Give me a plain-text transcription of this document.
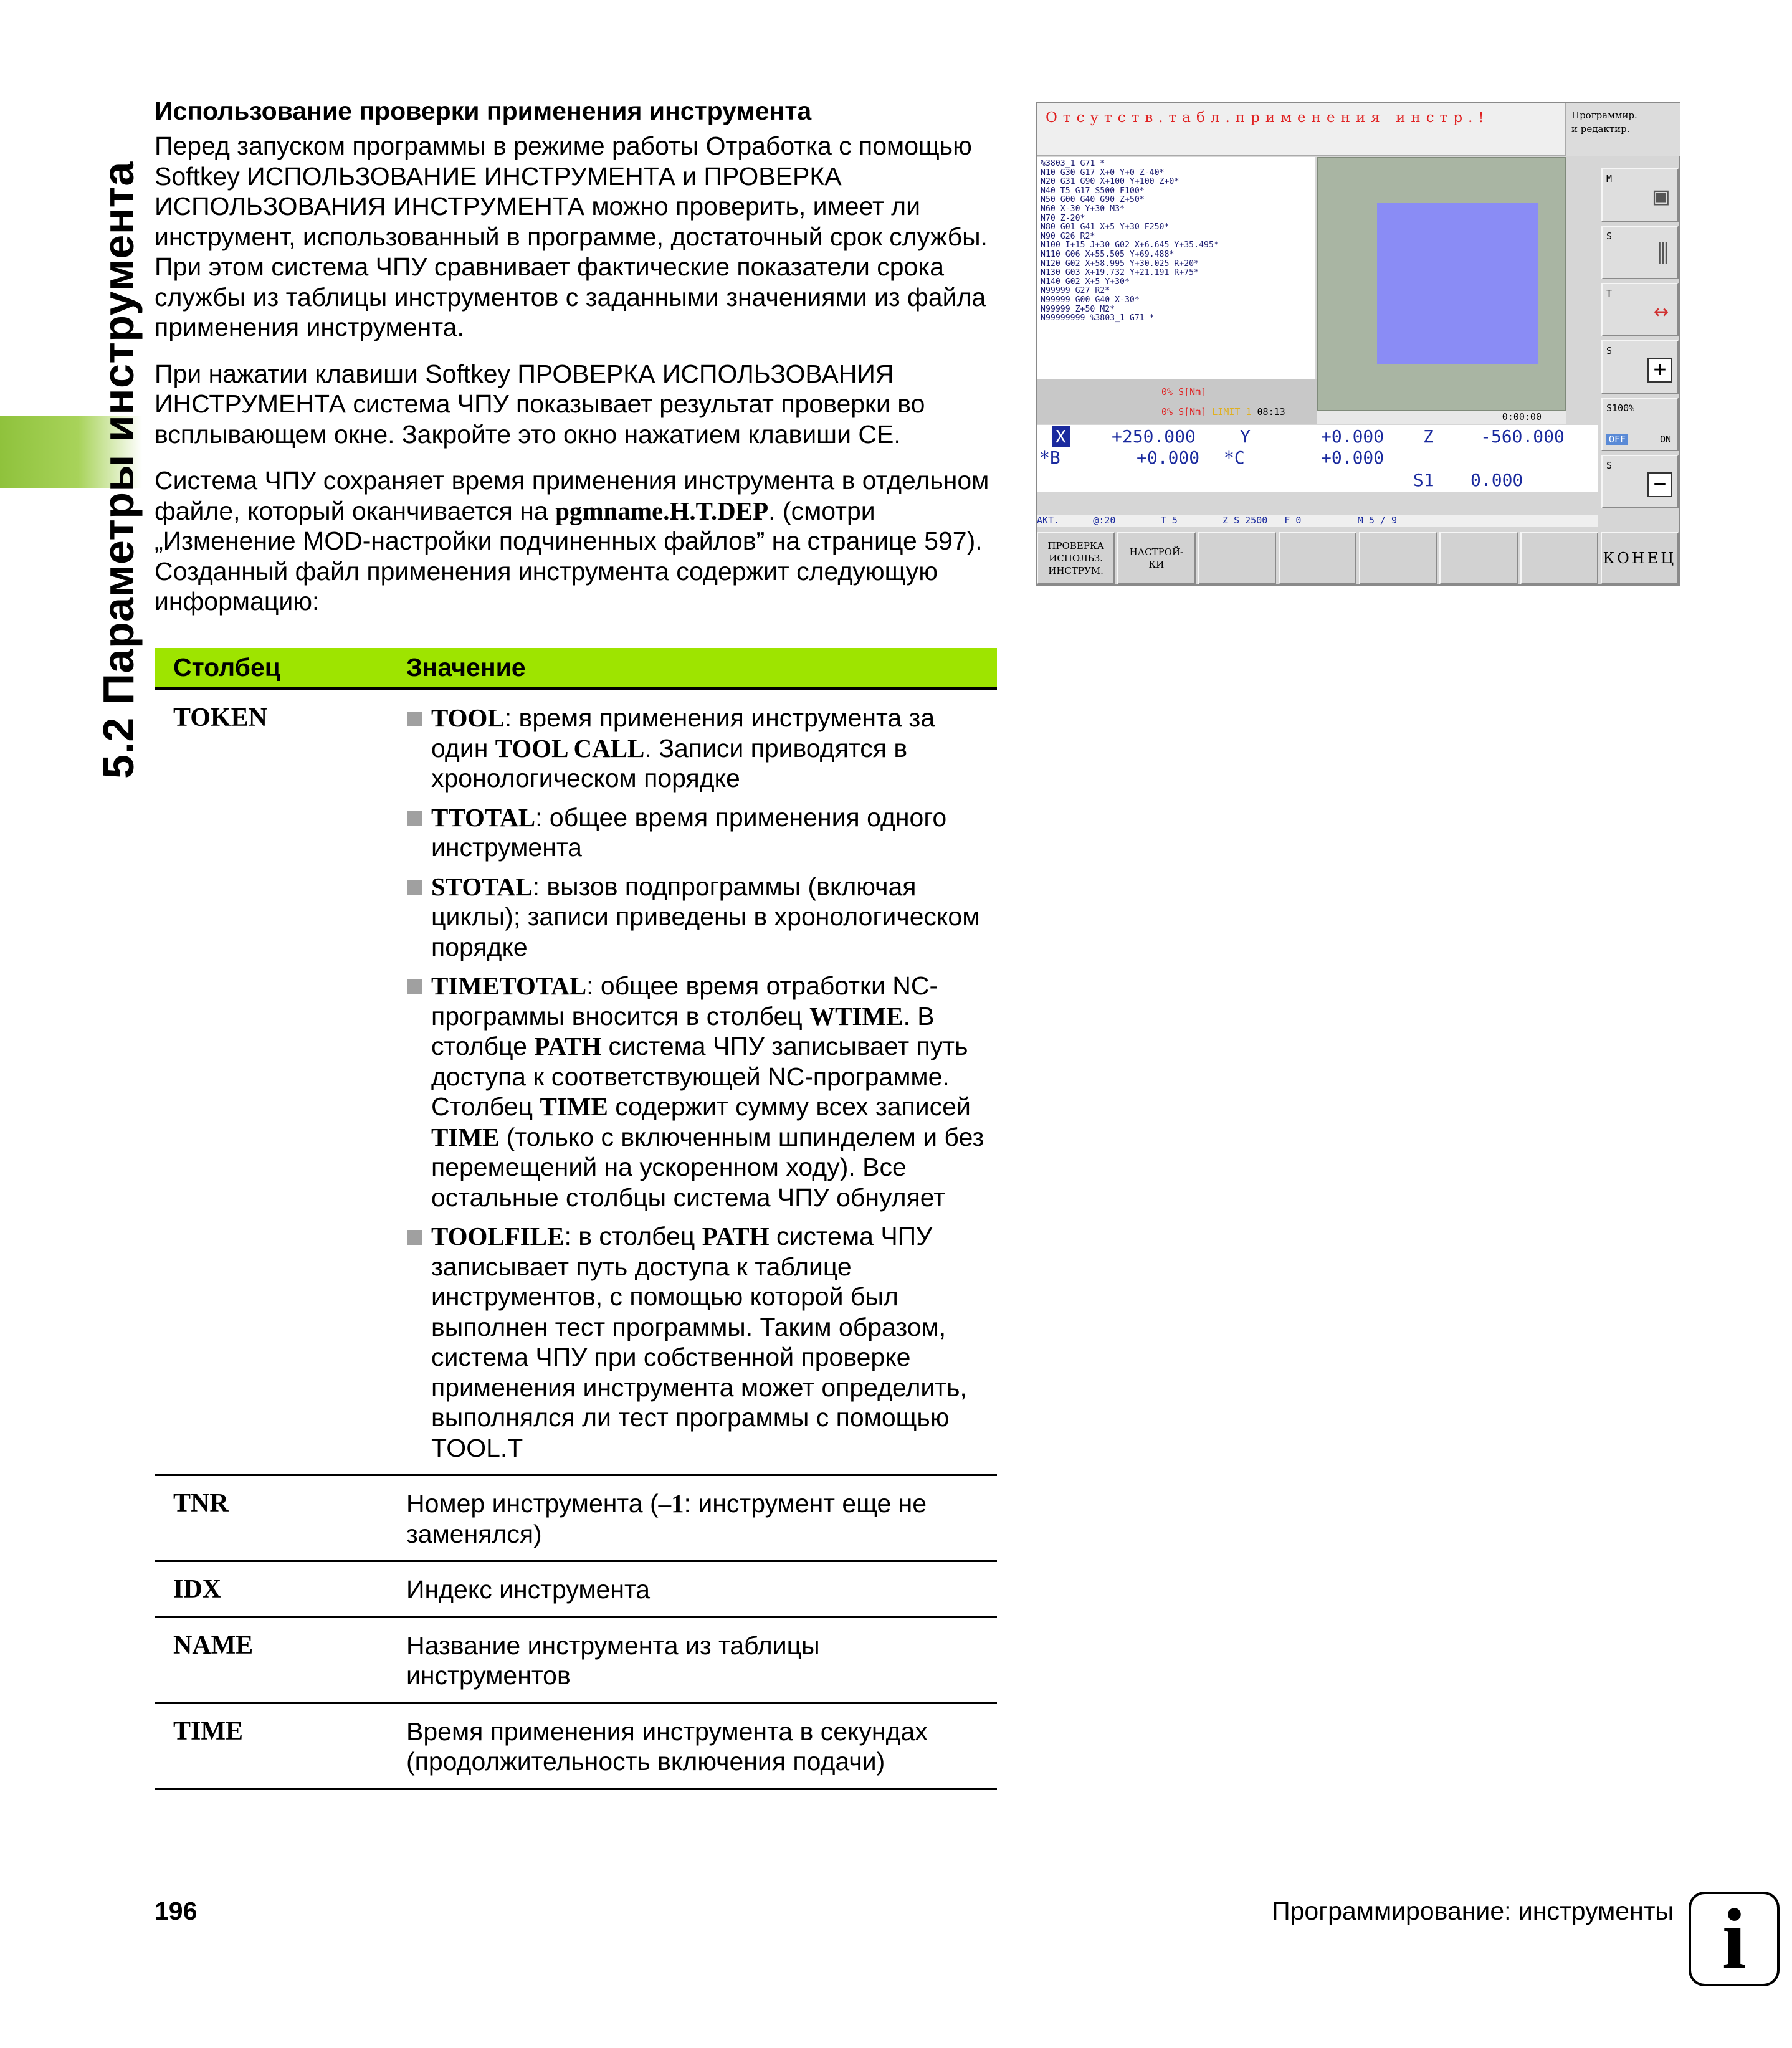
5.2 Параметры инструмента
Использование проверки применения инструмента
Перед запуском программы в режиме работы Отработка с помощью Softkey ИСПОЛЬЗОВАНИЕ ИНСТРУМЕНТА и ПРОВЕРКА ИСПОЛЬЗОВАНИЯ ИНСТРУМЕНТА можно проверить, имеет ли инструмент, использованный в программе, достаточный срок службы. При этом система ЧПУ сравнивает фактические показатели срока службы из таблицы инструментов с заданными значениями из файла применения инструмента.
При нажатии клавиши Softkey ПРОВЕРКА ИСПОЛЬЗОВАНИЯ ИНСТРУМЕНТА система ЧПУ показывает результат проверки во всплывающем окне. Закройте это окно нажатием клавиши CE.
Система ЧПУ сохраняет время применения инструмента в отдельном файле, который оканчивается на pgmname.H.T.DEP. (смотри „Изменение MOD-настройки подчиненных файлов” на странице 597). Созданный файл применения инструмента содержит следующую информацию:
Столбец	Значение
TOKEN	TOOL: время применения инструмента за один TOOL CALL. Записи приводятся в хронологическом порядке
TTOTAL: общее время применения одного инструмента
STOTAL: вызов подпрограммы (включая циклы); записи приведены в хронологическом порядке
TIMETOTAL: общее время отработки NC-программы вносится в столбец WTIME. В столбце PATH система ЧПУ записывает путь доступа к соответствующей NC-программе. Столбец TIME содержит сумму всех записей TIME (только с включенным шпинделем и без перемещений на ускоренном ходу). Все остальные столбцы система ЧПУ обнуляет
TOOLFILE: в столбец PATH система ЧПУ записывает путь доступа к таблице инструментов, с помощью которой был выполнен тест программы. Таким образом, система ЧПУ при собственной проверке применения инструмента может определить, выполнялся ли тест программы с помощью TOOL.T
TNR	Номер инструмента (–1: инструмент еще не заменялся)
IDX	Индекс инструмента
NAME	Название инструмента из таблицы инструментов
TIME	Время применения инструмента в секундах (продолжительность включения подачи)
Отсутств.табл.применения инстр.!	Программир.
и редактир.
%3803_1 G71 *
N10 G30 G17 X+0 Y+0 Z-40*
N20 G31 G90 X+100 Y+100 Z+0*
N40 T5 G17 S500 F100*
N50 G00 G40 G90 Z+50*
N60 X-30 Y+30 M3*
N70 Z-20*
N80 G01 G41 X+5 Y+30 F250*
N90 G26 R2*
N100 I+15 J+30 G02 X+6.645 Y+35.495*
N110 G06 X+55.505 Y+69.488*
N120 G02 X+58.995 Y+30.025 R+20*
N130 G03 X+19.732 Y+21.191 R+75*
N140 G02 X+5 Y+30*
N99999 G27 R2*
N99999 G00 G40 X-30*
N99999 Z+50 M2*
N99999999 %3803_1 G71 *
0:00:00
0% S[Nm]
0% S[Nm] LIMIT 1 08:13
X	+250.000	Y	+0.000 Z	-560.000
*B	+0.000 *C	+0.000
S1 0.000
АКТ.      @:20        T 5        Z S 2500   F 0          M 5 / 9
M
▣
S
⫼
T
↔
S
+
S100%
OFF	ON
S
−
ПРОВЕРКА
ИСПОЛЬЗ.
ИНСТРУМ.
НАСТРОЙ-
КИ	КОНЕЦ
196	Программирование: инструменты i
